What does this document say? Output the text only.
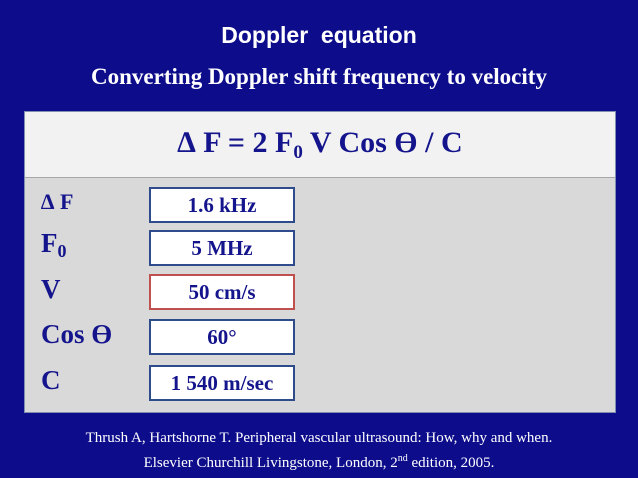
Doppler  equation
Converting Doppler shift frequency to velocity
∆ F = 2 $F_0$ V Cos ϴ / C
∆ F	1.6 kHz
$F_0$	5 MHz
V	50 cm/s
Cos ϴ	60°
C	1 540 m/sec
Thrush A, Hartshorne T. Peripheral vascular ultrasound: How, why and when.
Elsevier Churchill Livingstone, London, 2nd edition, 2005.
